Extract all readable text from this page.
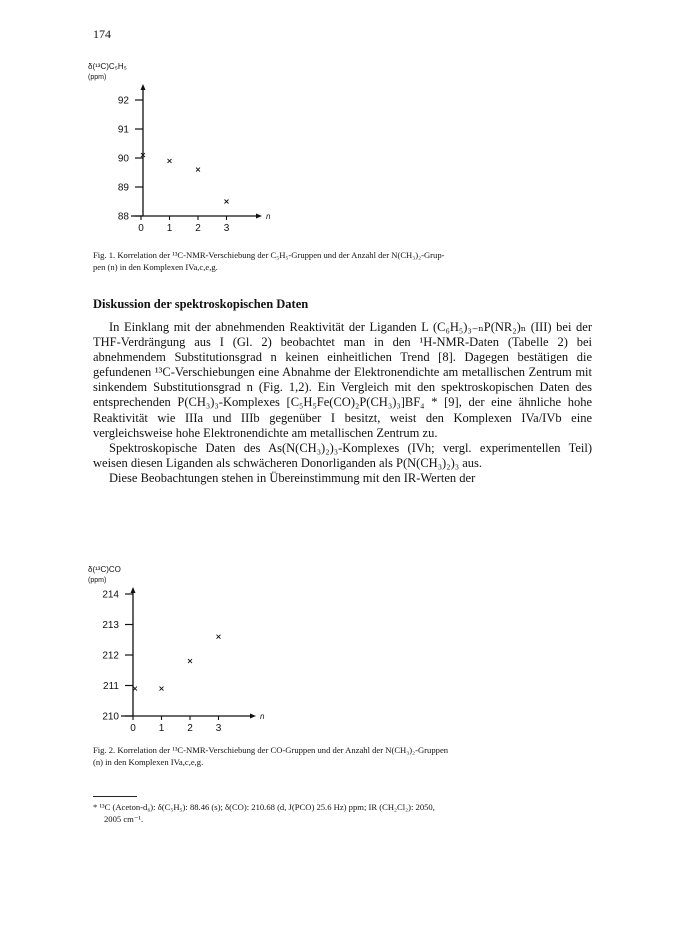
174
δ(¹³C)C₅H₅
(ppm)
n
88
89
90
91
92
0 1 2 3
Fig. 1. Korrelation der ¹³C-NMR-Verschiebung der C₅H₅-Gruppen und der Anzahl der N(CH₃)₂-Grup-
pen (n) in den Komplexen IVa,c,e,g.
Diskussion der spektroskopischen Daten

In Einklang mit der abnehmenden Reaktivität der Liganden L (C₆H₅)₃₋ₙP(NR₂)ₙ (III) bei der THF-Verdrängung aus I (Gl. 2) beobachtet man in den ¹H-NMR-Daten (Tabelle 2) bei abnehmendem Substitutionsgrad n keinen einheitlichen Trend [8]. Dagegen bestätigen die gefundenen ¹³C-Verschiebungen eine Abnahme der Elektronendichte am metallischen Zentrum mit sinkendem Substitutionsgrad n (Fig. 1,2). Ein Vergleich mit den spektroskopischen Daten des entsprechenden P(CH₃)₃-Komplexes [C₅H₅Fe(CO)₂P(CH₃)₃]BF₄ * [9], der eine ähnliche hohe Reaktivität wie IIIa und IIIb gegenüber I besitzt, weist den Komplexen IVa/IVb eine vergleichsweise hohe Elektronendichte am metallischen Zentrum zu.

Spektroskopische Daten des As(N(CH₃)₂)₃-Komplexes (IVh; vergl. experimentellen Teil) weisen diesen Liganden als schwächeren Donorliganden als P(N(CH₃)₂)₃ aus.

Diese Beobachtungen stehen in Übereinstimmung mit den IR-Werten der

δ(¹³C)CO
(ppm)
n
210
211
212
213
214
0 1 2 3
Fig. 2. Korrelation der ¹³C-NMR-Verschiebung der CO-Gruppen und der Anzahl der N(CH₃)₂-Gruppen
(n) in den Komplexen IVa,c,e,g.
* ¹³C (Aceton-d₆): δ(C₅H₅): 88.46 (s); δ(CO): 210.68 (d, J(PCO) 25.6 Hz) ppm; IR (CH₂Cl₂): 2050,
2005 cm⁻¹.
